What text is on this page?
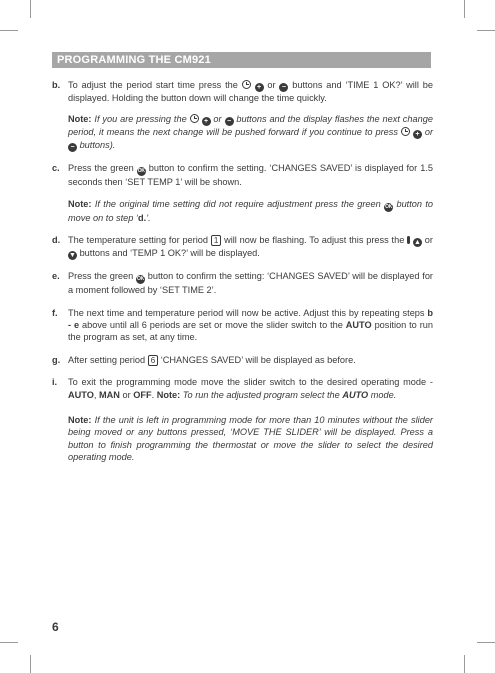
PROGRAMMING THE CM921
b. To adjust the period start time press the	+ or − buttons and ‘TIME 1 OK?’ will be displayed. Holding the button down will change the time quickly.

Note: If you are pressing the + or − buttons and the display flashes the next change period, it means the next change will be pushed forward if you continue to press + or − buttons).

c. Press the green OK button to confirm the setting. ‘CHANGES SAVED’ is displayed for 1.5 seconds then ‘SET TEMP 1’ will be shown.

Note: If the original time setting did not require adjustment press the green OK button to move on to step ‘d.’.

d. The temperature setting for period 1 will now be flashing. To adjust this press the ▲ or ▼ buttons and ‘TEMP 1 OK?’ will be displayed.

e. Press the green OK button to confirm the setting: ‘CHANGES SAVED’ will be displayed for a moment followed by ‘SET TIME 2’.

f. The next time and temperature period will now be active. Adjust this by repeating steps b - e above until all 6 periods are set or move the slider switch to the AUTO position to run the program as set, at any time.

g. After setting period 6 ‘CHANGES SAVED’ will be displayed as before.

i. To exit the programming mode move the slider switch to the desired operating mode - AUTO, MAN or OFF. Note: To run the adjusted program select the AUTO mode.

Note: If the unit is left in programming mode for more than 10 minutes without the slider being moved or any buttons pressed, ‘MOVE THE SLIDER’ will be displayed. Press a button to finish programming the thermostat or move the slider to select the desired operating mode.

6
